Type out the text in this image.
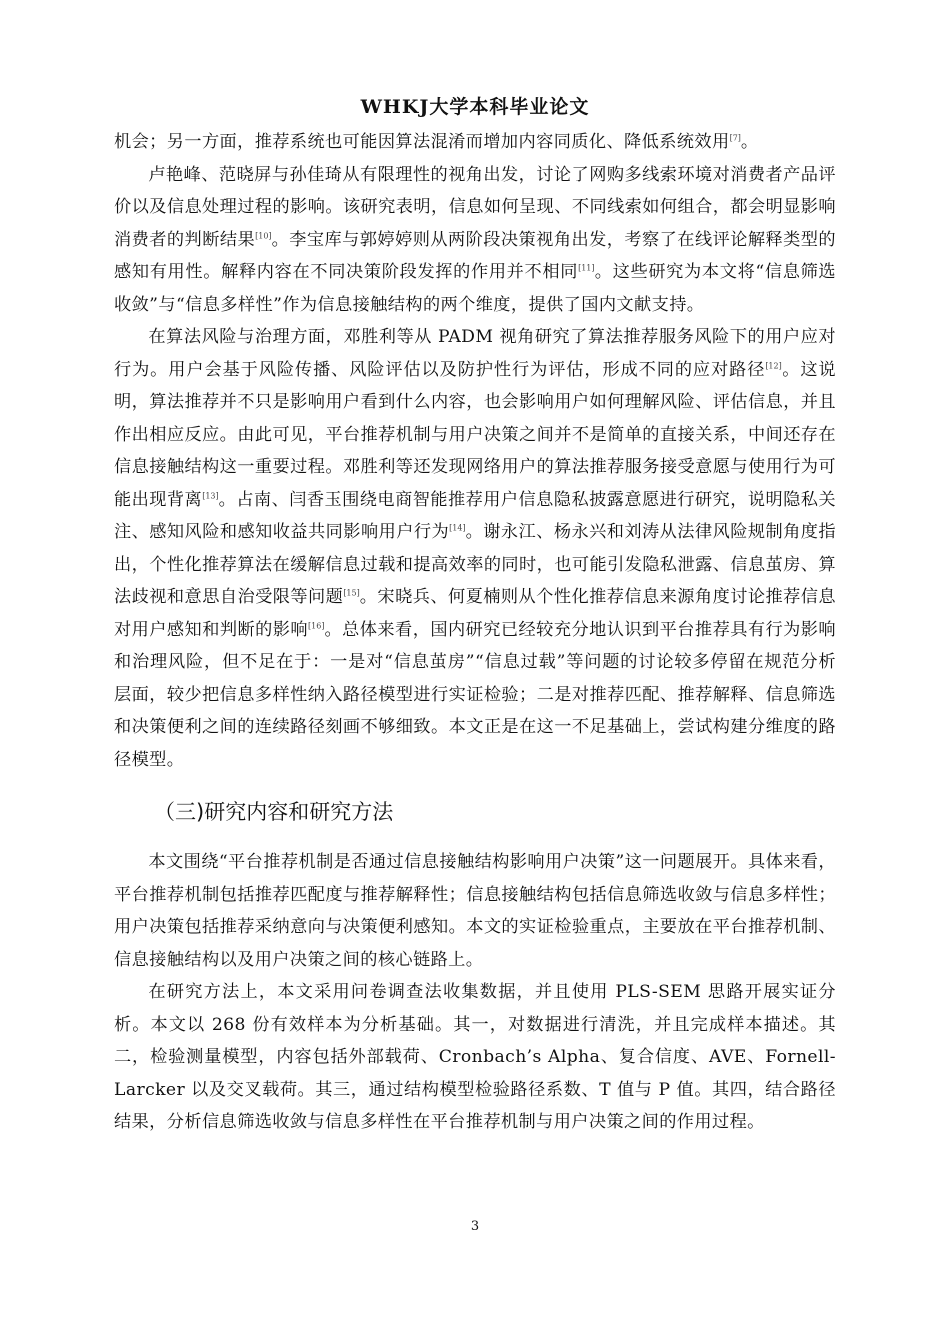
WHKJ大学本科毕业论文

机会；另一方面，推荐系统也可能因算法混淆而增加内容同质化、降低系统效用[7]。

卢艳峰、范晓屏与孙佳琦从有限理性的视角出发，讨论了网购多线索环境对消费者产品评价以及信息处理过程的影响。该研究表明，信息如何呈现、不同线索如何组合，都会明显影响消费者的判断结果[10]。李宝库与郭婷婷则从两阶段决策视角出发，考察了在线评论解释类型的感知有用性。解释内容在不同决策阶段发挥的作用并不相同[11]。这些研究为本文将“信息筛选收敛”与“信息多样性”作为信息接触结构的两个维度，提供了国内文献支持。

在算法风险与治理方面，邓胜利等从 PADM 视角研究了算法推荐服务风险下的用户应对行为。用户会基于风险传播、风险评估以及防护性行为评估，形成不同的应对路径[12]。这说明，算法推荐并不只是影响用户看到什么内容，也会影响用户如何理解风险、评估信息，并且作出相应反应。由此可见，平台推荐机制与用户决策之间并不是简单的直接关系，中间还存在信息接触结构这一重要过程。邓胜利等还发现网络用户的算法推荐服务接受意愿与使用行为可能出现背离[13]。占南、闫香玉围绕电商智能推荐用户信息隐私披露意愿进行研究，说明隐私关注、感知风险和感知收益共同影响用户行为[14]。谢永江、杨永兴和刘涛从法律风险规制角度指出，个性化推荐算法在缓解信息过载和提高效率的同时，也可能引发隐私泄露、信息茧房、算法歧视和意思自治受限等问题[15]。宋晓兵、何夏楠则从个性化推荐信息来源角度讨论推荐信息对用户感知和判断的影响[16]。总体来看，国内研究已经较充分地认识到平台推荐具有行为影响和治理风险，但不足在于：一是对“信息茧房”“信息过载”等问题的讨论较多停留在规范分析层面，较少把信息多样性纳入路径模型进行实证检验；二是对推荐匹配、推荐解释、信息筛选和决策便利之间的连续路径刻画不够细致。本文正是在这一不足基础上，尝试构建分维度的路径模型。

（三)研究内容和研究方法

本文围绕“平台推荐机制是否通过信息接触结构影响用户决策”这一问题展开。具体来看，平台推荐机制包括推荐匹配度与推荐解释性；信息接触结构包括信息筛选收敛与信息多样性；用户决策包括推荐采纳意向与决策便利感知。本文的实证检验重点，主要放在平台推荐机制、信息接触结构以及用户决策之间的核心链路上。

在研究方法上，本文采用问卷调查法收集数据，并且使用 PLS-SEM 思路开展实证分析。本文以 268 份有效样本为分析基础。其一，对数据进行清洗，并且完成样本描述。其二，检验测量模型，内容包括外部载荷、Cronbach’s Alpha、复合信度、AVE、Fornell-Larcker 以及交叉载荷。其三，通过结构模型检验路径系数、T 值与 P 值。其四，结合路径结果，分析信息筛选收敛与信息多样性在平台推荐机制与用户决策之间的作用过程。

3
